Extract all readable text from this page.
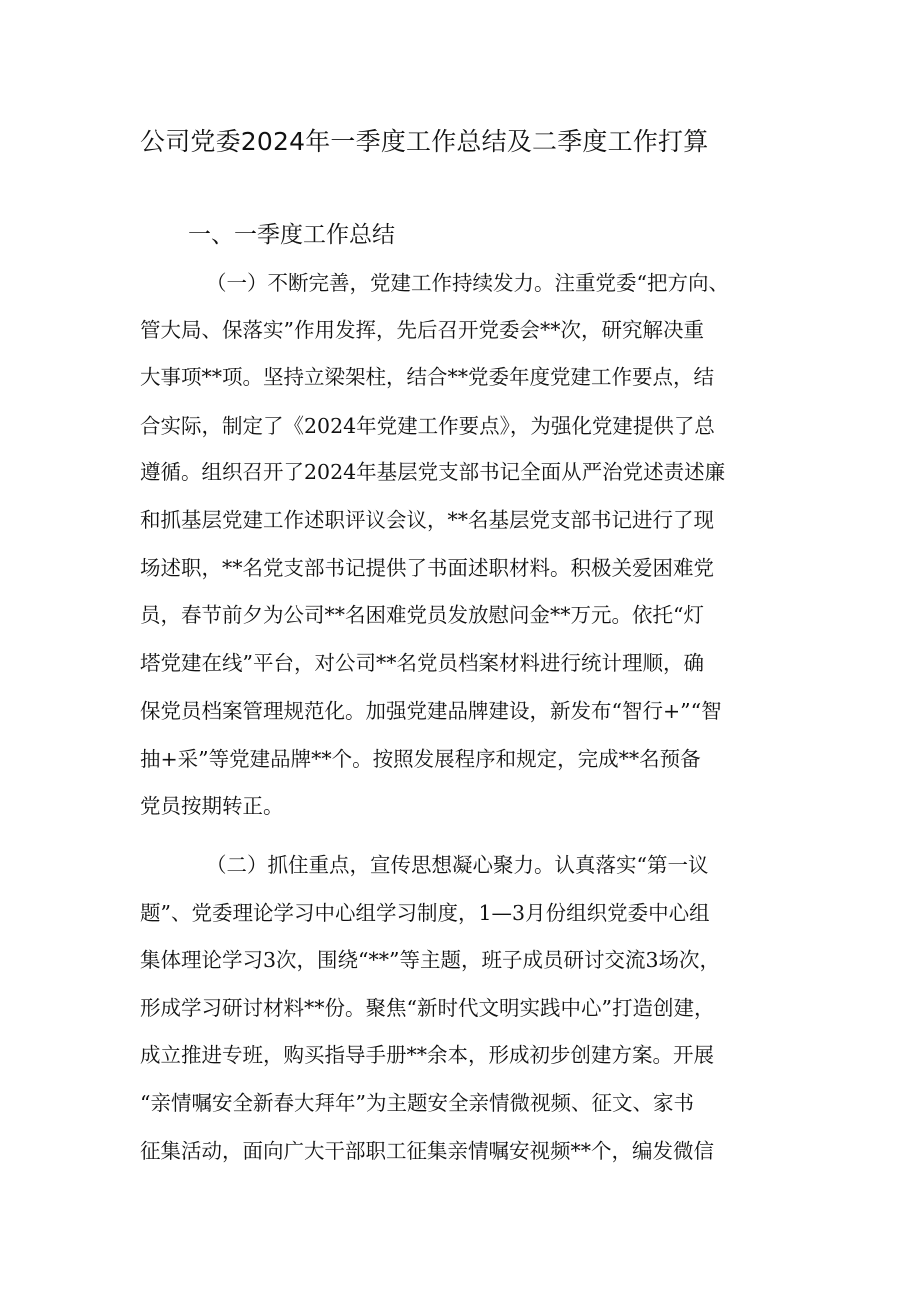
公司党委2024年一季度工作总结及二季度工作打算
一、一季度工作总结

（一）不断完善，党建工作持续发力。注重党委“把方向、

管大局、保落实”作用发挥，先后召开党委会**次，研究解决重

大事项**项。坚持立梁架柱，结合**党委年度党建工作要点，结

合实际，制定了《2024年党建工作要点》，为强化党建提供了总

遵循。组织召开了2024年基层党支部书记全面从严治党述责述廉

和抓基层党建工作述职评议会议，**名基层党支部书记进行了现

场述职，**名党支部书记提供了书面述职材料。积极关爱困难党

员，春节前夕为公司**名困难党员发放慰问金**万元。依托“灯

塔党建在线”平台，对公司**名党员档案材料进行统计理顺，确

保党员档案管理规范化。加强党建品牌建设，新发布“智行+”“智

抽+采”等党建品牌**个。按照发展程序和规定，完成**名预备

党员按期转正。

（二）抓住重点，宣传思想凝心聚力。认真落实“第一议

题”、党委理论学习中心组学习制度，1—3月份组织党委中心组

集体理论学习3次，围绕“**”等主题，班子成员研讨交流3场次，

形成学习研讨材料**份。聚焦“新时代文明实践中心”打造创建，

成立推进专班，购买指导手册**余本，形成初步创建方案。开展

“亲情嘱安全新春大拜年”为主题安全亲情微视频、征文、家书

征集活动，面向广大干部职工征集亲情嘱安视频**个，编发微信
